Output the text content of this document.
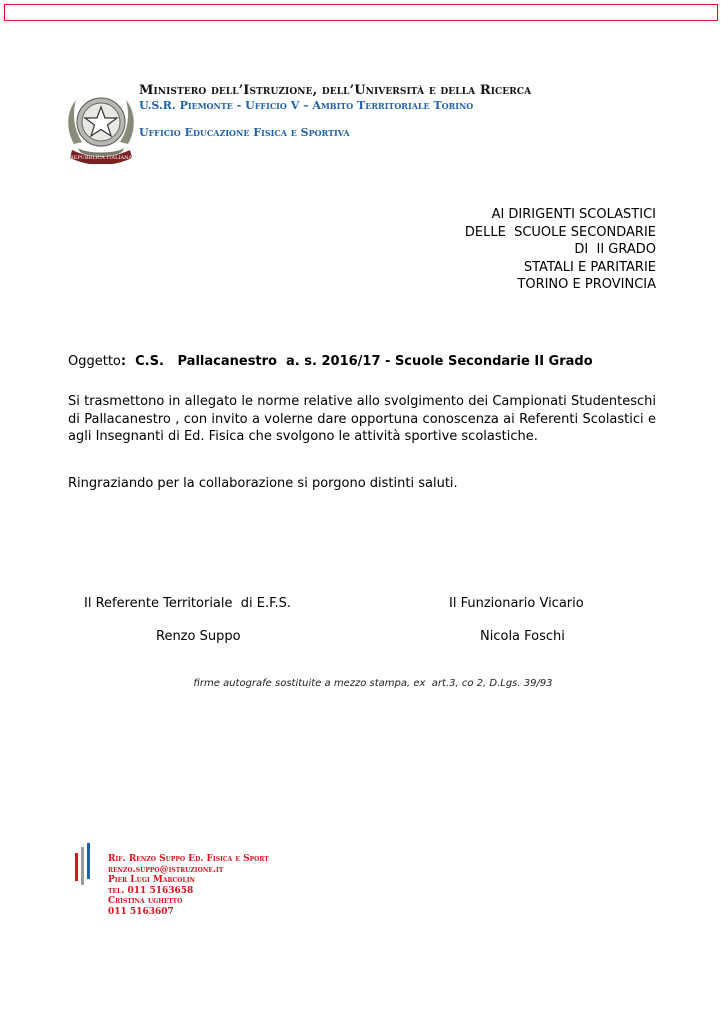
REPUBBLICA ITALIANA
Ministero dell’Istruzione, dell’Università e della Ricerca
U.S.R. Piemonte - Ufficio V – Ambito Territoriale Torino
Ufficio Educazione Fisica e Sportiva
AI DIRIGENTI SCOLASTICI
DELLE  SCUOLE SECONDARIE
DI  II GRADO
STATALI E PARITARIE
TORINO E PROVINCIA
Oggetto:  C.S.   Pallacanestro  a. s. 2016/17 - Scuole Secondarie II Grado
Si trasmettono in allegato le norme relative allo svolgimento dei Campionati Studenteschi di Pallacanestro , con invito a volerne dare opportuna conoscenza ai Referenti Scolastici e agli Insegnanti di Ed. Fisica che svolgono le attività sportive scolastiche.
Ringraziando per la collaborazione si porgono distinti saluti.
Il Referente Territoriale  di E.F.S.
Renzo Suppo
Il Funzionario Vicario
Nicola Foschi
firme autografe sostituite a mezzo stampa, ex  art.3, co 2, D.Lgs. 39/93
Rif. Renzo Suppo Ed. Fisica e Sport
renzo.suppo@istruzione.it
Pier Lugi Marcolin
tel. 011 5163658
Cristina ughetto
011 5163607
